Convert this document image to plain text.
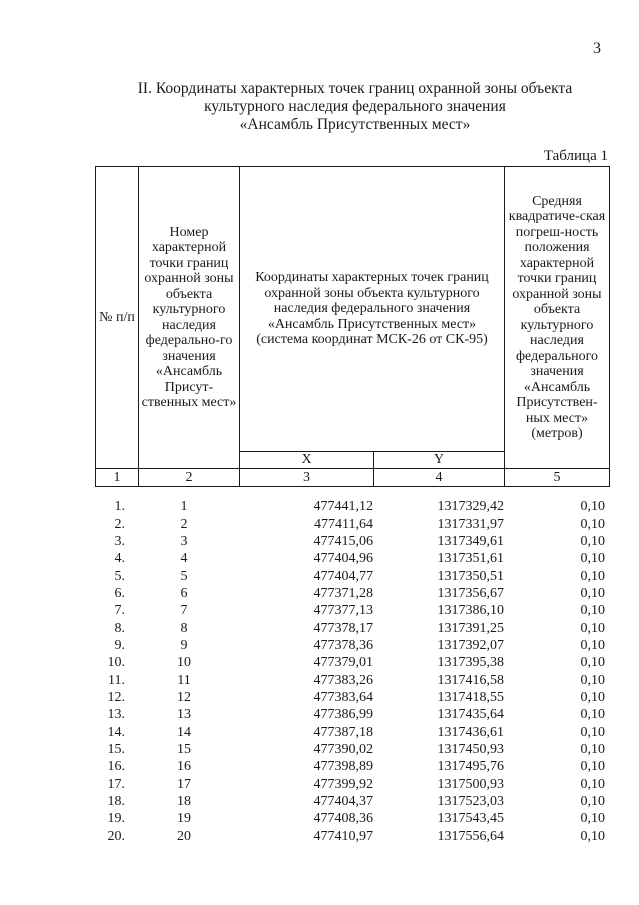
3
II. Координаты характерных точек границ охранной зоны объекта
культурного наследия федерального значения
«Ансамбль Присутственных мест»
Таблица 1
№ п/п	Номер характерной точки границ охранной зоны объекта культурного наследия федерально-го значения «Ансамбль Присут-ственных мест»	Координаты характерных точек границ охранной зоны объекта культурного наследия федерального значения «Ансамбль Присутственных мест» (система координат МСК-26 от СК-95)		Средняя квадратиче-ская погреш-ность положения характерной точки границ охранной зоны объекта культурного наследия федерального значения «Ансамбль Присутствен-ных мест» (метров)
		X	Y	
1	2	3	4	5
1.	1	477441,12	1317329,42	0,10
2.	2	477411,64	1317331,97	0,10
3.	3	477415,06	1317349,61	0,10
4.	4	477404,96	1317351,61	0,10
5.	5	477404,77	1317350,51	0,10
6.	6	477371,28	1317356,67	0,10
7.	7	477377,13	1317386,10	0,10
8.	8	477378,17	1317391,25	0,10
9.	9	477378,36	1317392,07	0,10
10.	10	477379,01	1317395,38	0,10
11.	11	477383,26	1317416,58	0,10
12.	12	477383,64	1317418,55	0,10
13.	13	477386,99	1317435,64	0,10
14.	14	477387,18	1317436,61	0,10
15.	15	477390,02	1317450,93	0,10
16.	16	477398,89	1317495,76	0,10
17.	17	477399,92	1317500,93	0,10
18.	18	477404,37	1317523,03	0,10
19.	19	477408,36	1317543,45	0,10
20.	20	477410,97	1317556,64	0,10
